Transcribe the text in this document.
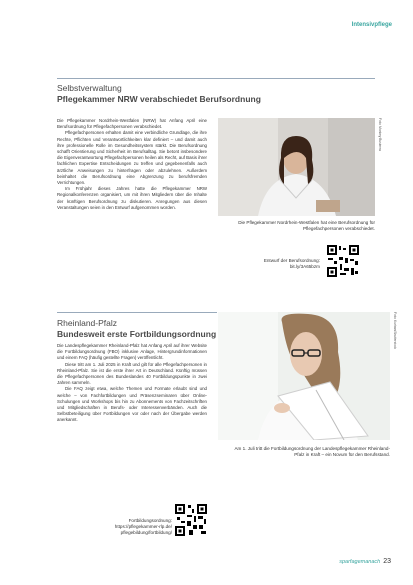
Intensivpflege
Selbstverwaltung
Pflegekammer NRW verabschiedet Berufsordnung

Die Pflegekammer Nordrhein-Westfalen (NRW) hat Anfang April eine Berufsordnung für Pflegefachpersonen verabschiedet.

Pflegefachpersonen erhalten damit eine verbindliche Grundlage, die ihre Rechte, Pflichten und Verantwortlichkeiten klar definiert – und damit auch ihre professionelle Rolle im Gesundheitssystem stärkt. Die Berufsordnung schafft Orientierung und Sicherheit im Berufsalltag. Sie betont insbesondere die Eigenverantwortung Pflegefachpersonen heilen als Recht, auf Basis ihrer fachlichen Expertise Entscheidungen zu treffen und gegebenenfalls auch ärztliche Anweisungen zu hinterfragen oder abzulehnen. Außerdem beinhaltet die Berufsordnung eine Abgrenzung zu berufsfremden Verrichtungen.

Im Frühjahr dieses Jahres hatte die Pflegekammer NRW Regionalkonferenzen organisiert, um mit ihren Mitgliedern über die Inhalte der künftigen Berufsordnung zu diskutieren. Anregungen aus diesen Veranstaltungen seien in den Entwurf aufgenommen worden.

Foto: Monkey Business
Die Pflegekammer Nordrhein-Westfalen hat eine Berufsordnung für Pflegefachpersonen verabschiedet.
Entwurf der Berufsordnung:
bit.ly/3A65bzm
Rheinland-Pfalz
Bundesweit erste Fortbildungsordnung

Die Landespflegekammer Rheinland-Pfalz hat Anfang April auf ihrer Website die Fortbildungsordnung (FBO) inklusive Anlage, Hintergrundinformationen und einem FAQ (häufig gestellte Fragen) veröffentlicht.

Diese tritt am 1. Juli 2025 in Kraft und gilt für alle Pflegefachpersonen in Rheinland-Pfalz. Sie ist die erste ihrer Art in Deutschland. Künftig müssen die Pflegefachpersonen des Bundeslandes 40 Fortbildungspunkte in zwei Jahren sammeln.

Die FAQ zeigt etwa, welche Themen und Formate erlaubt sind und welche – von Fachfortbildungen und Präsenzseminaren über Online-Schulungen und Workshops bis hin zu Abonnements von Fachzeitschriften und Mitgliedschaften in Berufs- oder Interessenverbänden. Auch die Selbstbeteiligung über Fortbildungen vor oder nach der Übergabe werden anerkannt.

Foto: Kurhan/Shutterstock
Am 1. Juli tritt die Fortbildungsordnung der Landespflegekammer Rheinland-Pfalz in Kraft – ein Novum für den Berufsstand.
Fortbildungsordnung:
https://pflegekammer-rlp.de/
pflegebildung/fortbildung/
sparfagemanach 23
